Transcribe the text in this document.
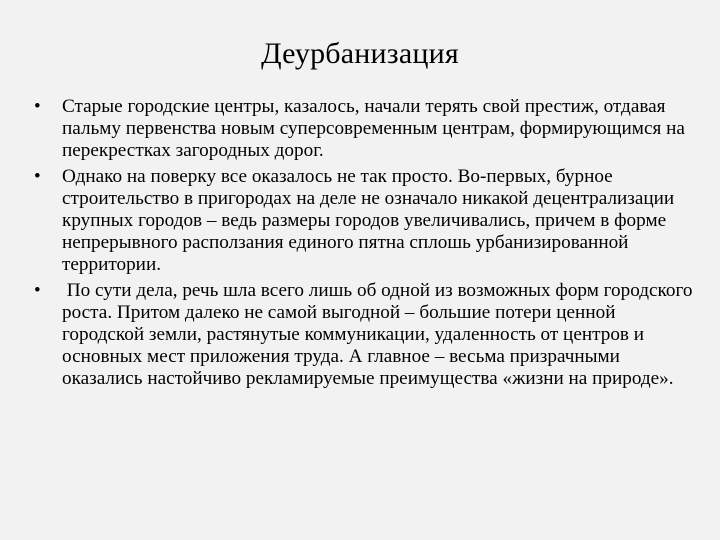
Деурбанизация
•	Старые городские центры, казалось, начали терять свой престиж, отдавая пальму первенства новым суперсовременным центрам, формирующимся на перекрестках загородных дорог.
•	Однако на поверку все оказалось не так просто. Во-первых, бурное строительство в пригородах на деле не означало никакой децентрализации крупных городов – ведь размеры городов увеличивались, причем в форме непрерывного расползания единого пятна сплошь урбанизированной территории.
•	По сути дела, речь шла всего лишь об одной из возможных форм городского роста. Притом далеко не самой выгодной – большие потери ценной городской земли, растянутые коммуникации, удаленность от центров и основных мест приложения труда. А главное – весьма призрачными оказались настойчиво рекламируемые преимущества «жизни на природе».
